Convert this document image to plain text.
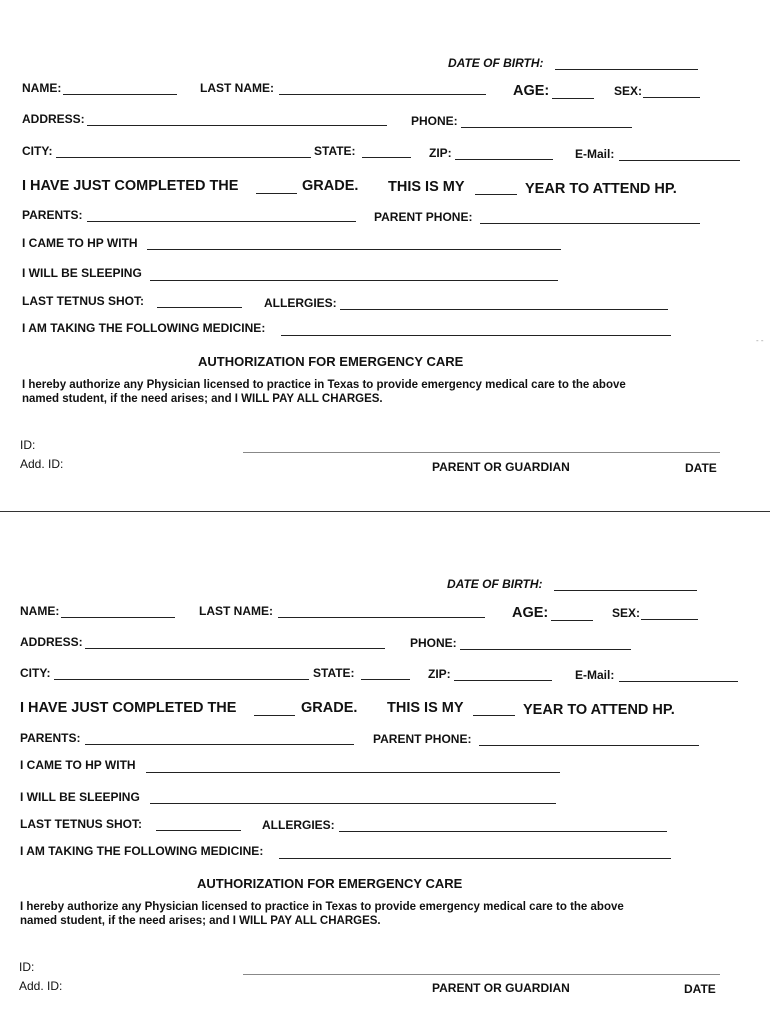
DATE OF BIRTH:
NAME:	LAST NAME:	AGE:	SEX:
ADDRESS:	PHONE:
CITY:	STATE:	ZIP:	E-Mail:
I HAVE JUST COMPLETED THE	GRADE. THIS IS MY	YEAR TO ATTEND HP.
PARENTS:	PARENT PHONE:
I CAME TO HP WITH
I WILL BE SLEEPING
LAST TETNUS SHOT:	ALLERGIES:
I AM TAKING THE FOLLOWING MEDICINE:
AUTHORIZATION FOR EMERGENCY CARE
I hereby authorize any Physician licensed to practice in Texas to provide emergency medical care to the above
named student, if the need arises; and I WILL PAY ALL CHARGES.
ID:
Add. ID:	PARENT OR GUARDIAN	DATE
- -
DATE OF BIRTH:
NAME:	LAST NAME:	AGE:	SEX:
ADDRESS:	PHONE:
CITY:	STATE:	ZIP:	E-Mail:
I HAVE JUST COMPLETED THE	GRADE. THIS IS MY	YEAR TO ATTEND HP.
PARENTS:	PARENT PHONE:
I CAME TO HP WITH
I WILL BE SLEEPING
LAST TETNUS SHOT:	ALLERGIES:
I AM TAKING THE FOLLOWING MEDICINE:
AUTHORIZATION FOR EMERGENCY CARE
I hereby authorize any Physician licensed to practice in Texas to provide emergency medical care to the above
named student, if the need arises; and I WILL PAY ALL CHARGES.
ID:
Add. ID:	PARENT OR GUARDIAN	DATE
